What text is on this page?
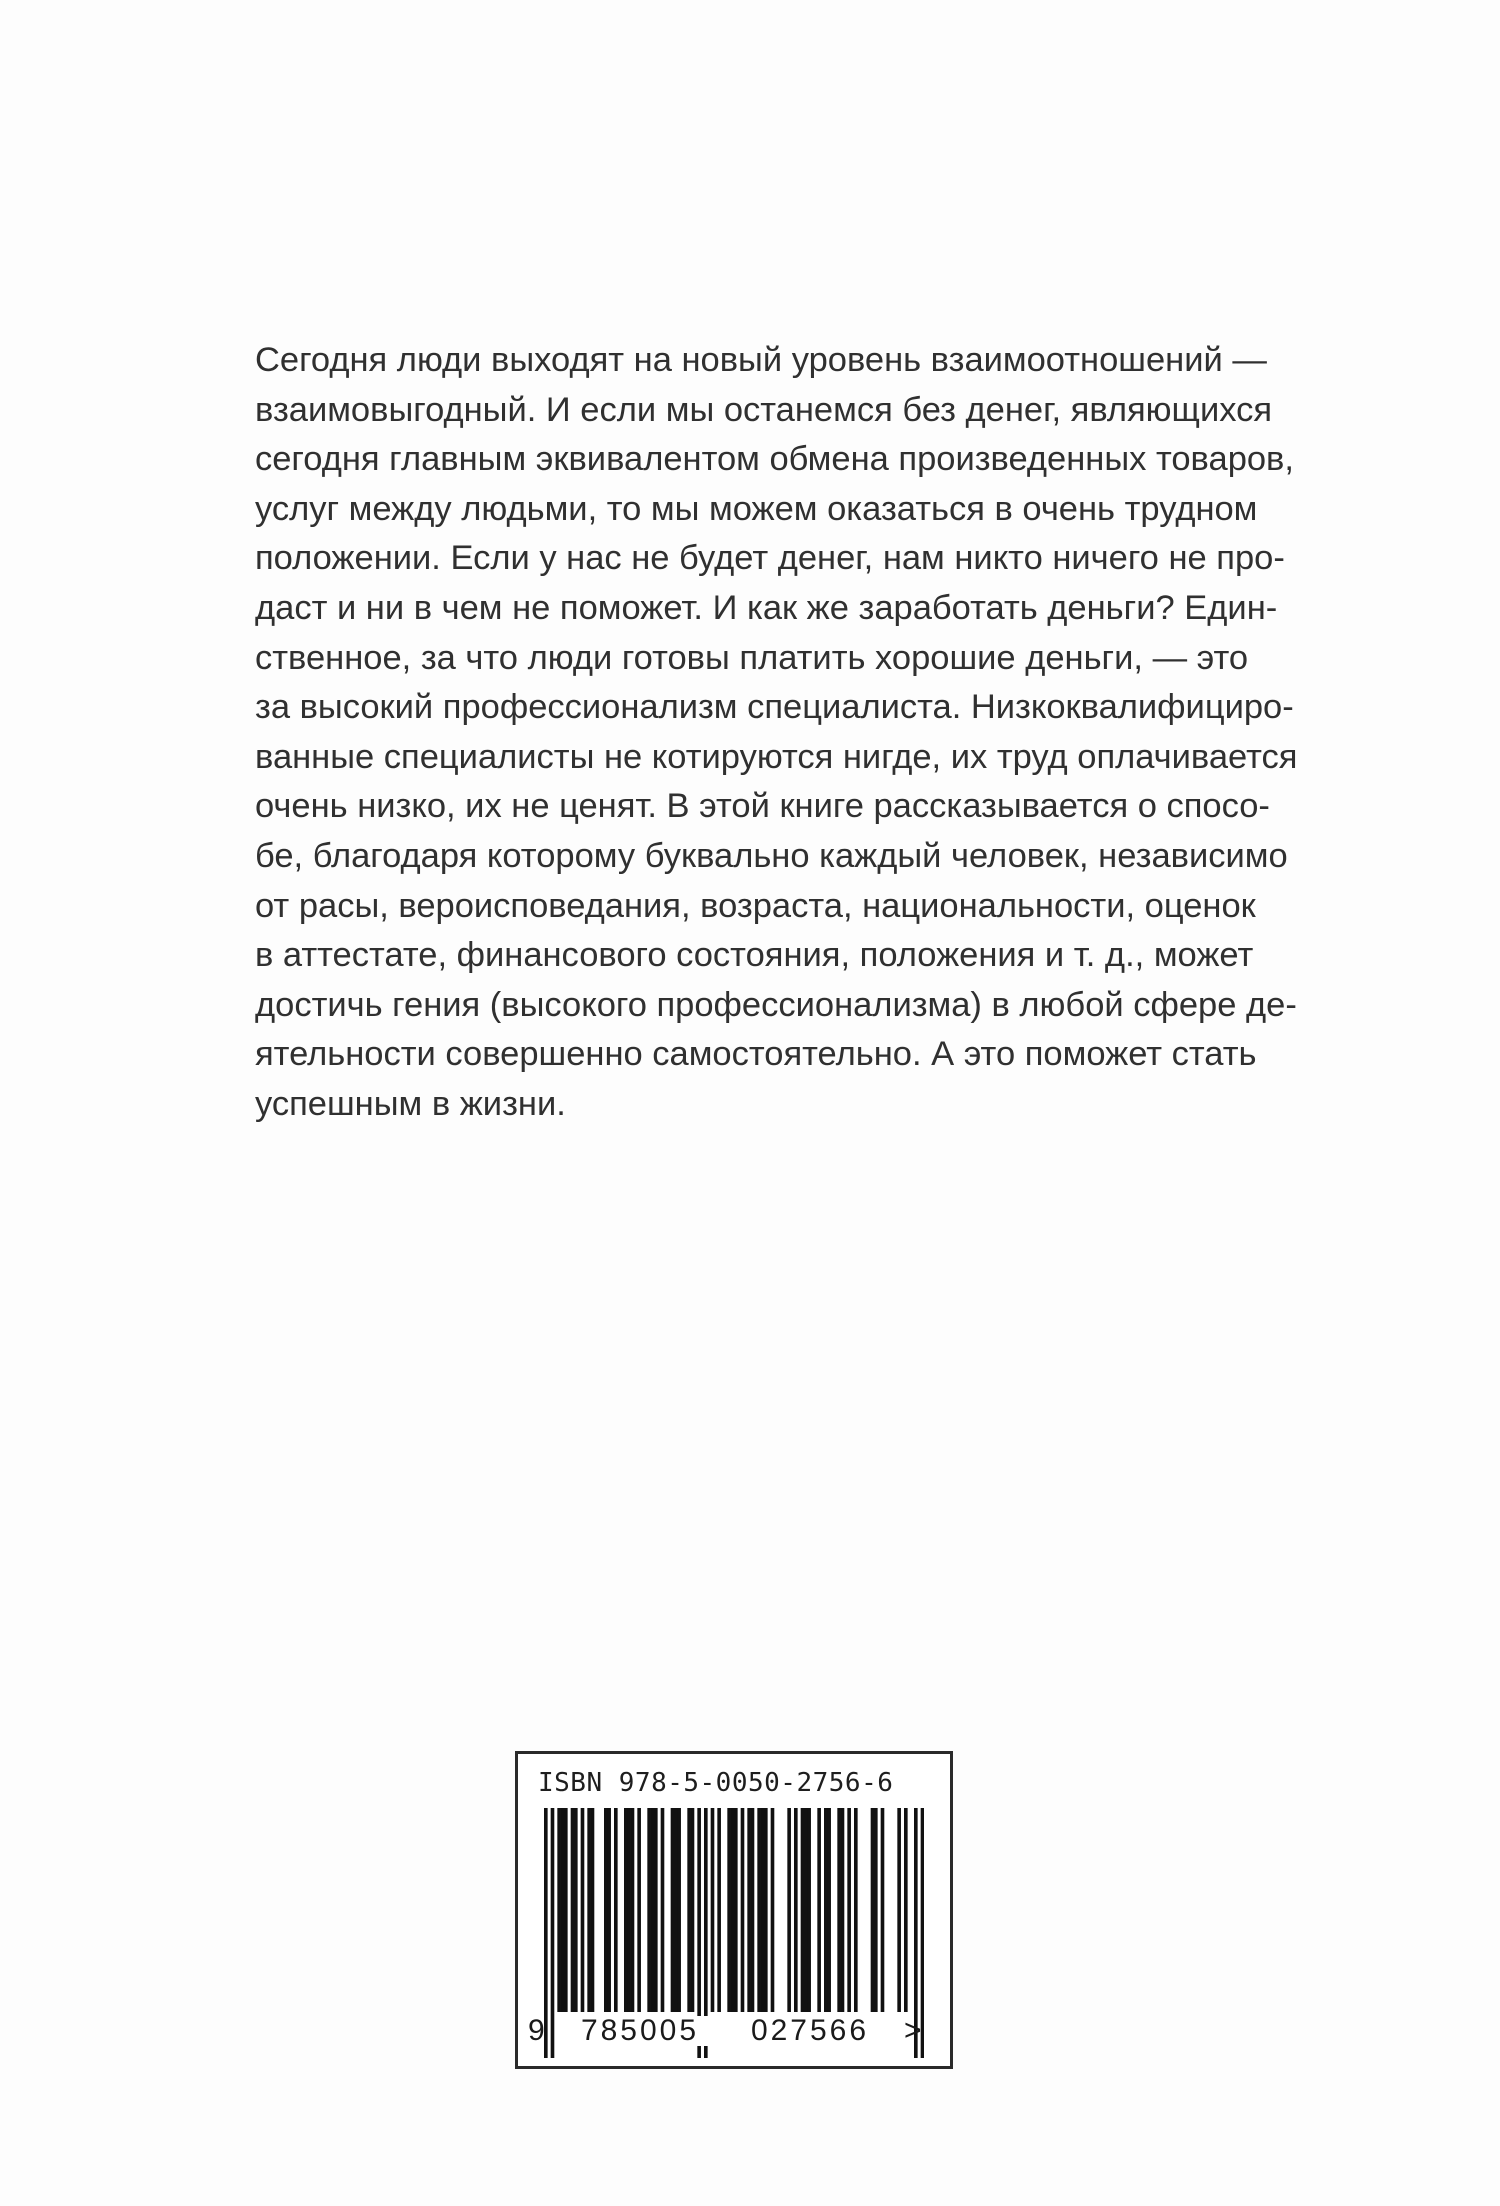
Сегодня люди выходят на новый уровень взаимоотношений —
взаимовыгодный. И если мы останемся без денег, являющихся
сегодня главным эквивалентом обмена произведенных товаров,
услуг между людьми, то мы можем оказаться в очень трудном
положении. Если у нас не будет денег, нам никто ничего не про-
даст и ни в чем не поможет. И как же заработать деньги? Един-
ственное, за что люди готовы платить хорошие деньги, — это
за высокий профессионализм специалиста. Низкоквалифициро-
ванные специалисты не котируются нигде, их труд оплачивается
очень низко, их не ценят. В этой книге рассказывается о спосо-
бе, благодаря которому буквально каждый человек, независимо
от расы, вероисповедания, возраста, национальности, оценок
в аттестате, финансового состояния, положения и т. д., может
достичь гения (высокого профессионализма) в любой сфере де-
ятельности совершенно самостоятельно. А это поможет стать
успешным в жизни.
ISBN 978-5-0050-2756-6
9	785005	027566	>
